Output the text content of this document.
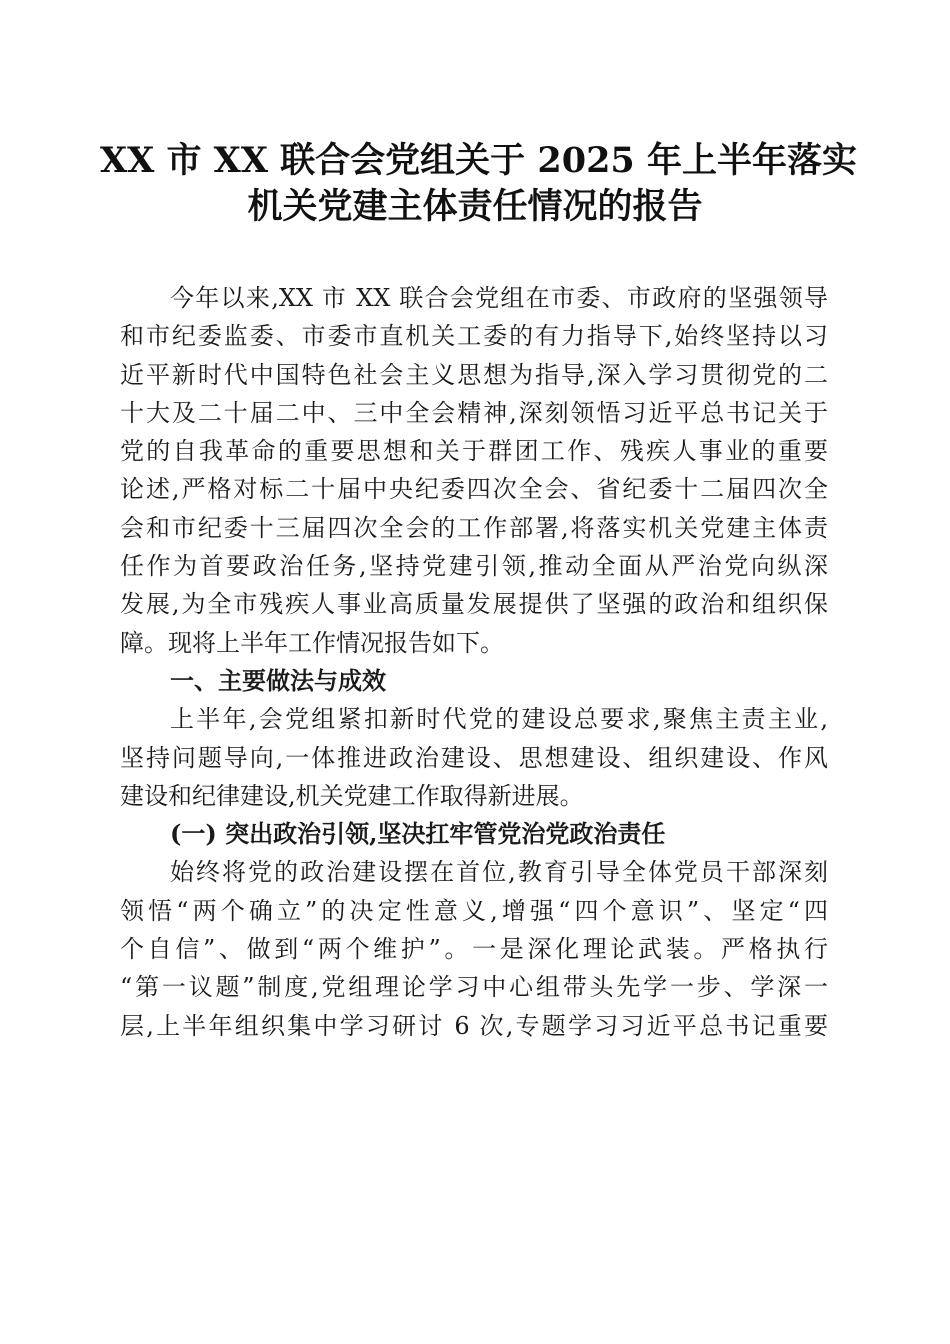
XX 市 XX 联合会党组关于 2025 年上半年落实
机关党建主体责任情况的报告
今年以来,XX 市 XX 联合会党组在市委、市政府的坚强领导
和市纪委监委、市委市直机关工委的有力指导下,始终坚持以习
近平新时代中国特色社会主义思想为指导,深入学习贯彻党的二
十大及二十届二中、三中全会精神,深刻领悟习近平总书记关于
党的自我革命的重要思想和关于群团工作、残疾人事业的重要
论述,严格对标二十届中央纪委四次全会、省纪委十二届四次全
会和市纪委十三届四次全会的工作部署,将落实机关党建主体责
任作为首要政治任务,坚持党建引领,推动全面从严治党向纵深
发展,为全市残疾人事业高质量发展提供了坚强的政治和组织保
障。现将上半年工作情况报告如下。
一、主要做法与成效
上半年,会党组紧扣新时代党的建设总要求,聚焦主责主业,
坚持问题导向,一体推进政治建设、思想建设、组织建设、作风
建设和纪律建设,机关党建工作取得新进展。
(一) 突出政治引领,坚决扛牢管党治党政治责任
始终将党的政治建设摆在首位,教育引导全体党员干部深刻
领悟“两个确立”的决定性意义,增强“四个意识”、坚定“四
个自信”、做到“两个维护”。一是深化理论武装。严格执行
“第一议题”制度,党组理论学习中心组带头先学一步、学深一
层,上半年组织集中学习研讨 6 次,专题学习习近平总书记重要
